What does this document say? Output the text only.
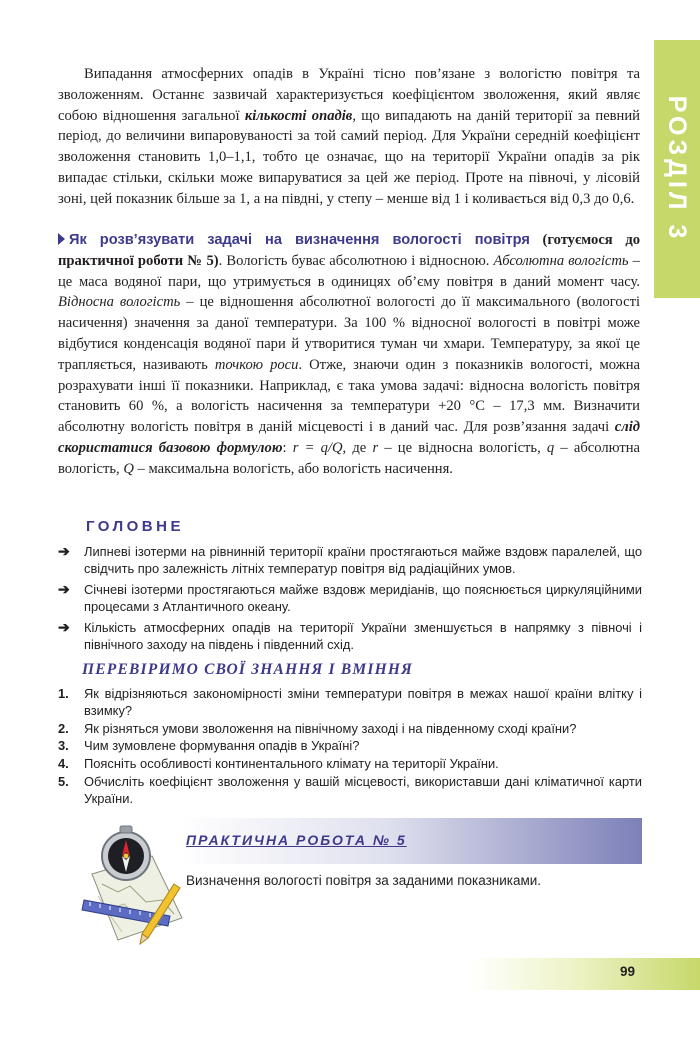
РОЗДІЛ 3

Випадання атмосферних опадів в Україні тісно пов’язане з вологістю повітря та зволоженням. Останнє зазвичай характеризується коефіцієнтом зволоження, який являє собою відношення загальної кількості опадів, що випадають на даній території за певний період, до величини випаровуваності за той самий період. Для України середній коефіцієнт зволоження становить 1,0–1,1, тобто це означає, що на території України опадів за рік випадає стільки, скільки може випаруватися за цей же період. Проте на півночі, у лісовій зоні, цей показник більше за 1, а на півдні, у степу – менше від 1 і коливається від 0,3 до 0,6.

Як розв’язувати задачі на визначення вологості повітря (готуємося до практичної роботи № 5). Вологість буває абсолютною і відносною. Абсолютна вологість – це маса водяної пари, що утримується в одиницях об’єму повітря в даний момент часу. Відносна вологість – це відношення абсолютної вологості до її максимального (вологості насичення) значення за даної температури. За 100 % відносної вологості в повітрі може відбутися конденсація водяної пари й утворитися туман чи хмари. Температуру, за якої це трапляється, називають точкою роси. Отже, знаючи один з показників вологості, можна розрахувати інші її показники. Наприклад, є така умова задачі: відносна вологість повітря становить 60 %, а вологість насичення за температури +20 °С – 17,3 мм. Визначити абсолютну вологість повітря в даній місцевості і в даний час. Для розв’язання задачі слід скористатися базовою формулою: r = q/Q, де r – це відносна вологість, q – абсолютна вологість, Q – максимальна вологість, або вологість насичення.

ГОЛОВНЕ
➔ Липневі ізотерми на рівнинній території країни простягаються майже вздовж паралелей, що свідчить про залежність літніх температур повітря від радіаційних умов.
➔ Січневі ізотерми простягаються майже вздовж меридіанів, що пояснюється циркуляційними процесами з Атлантичного океану.
➔ Кількість атмосферних опадів на території України зменшується в напрямку з півночі і північного заходу на південь і південний схід.
ПЕРЕВІРИМО СВОЇ ЗНАННЯ І ВМІННЯ
1. Як відрізняються закономірності зміни температури повітря в межах нашої країни влітку і взимку?
2. Як різняться умови зволоження на північному заході і на південному сході країни?
3. Чим зумовлене формування опадів в Україні?
4. Поясніть особливості континентального клімату на території України.
5. Обчисліть коефіцієнт зволоження у вашій місцевості, використавши дані кліматичної карти України.
ПРАКТИЧНА РОБОТА № 5
Визначення вологості повітря за заданими показниками.
99
